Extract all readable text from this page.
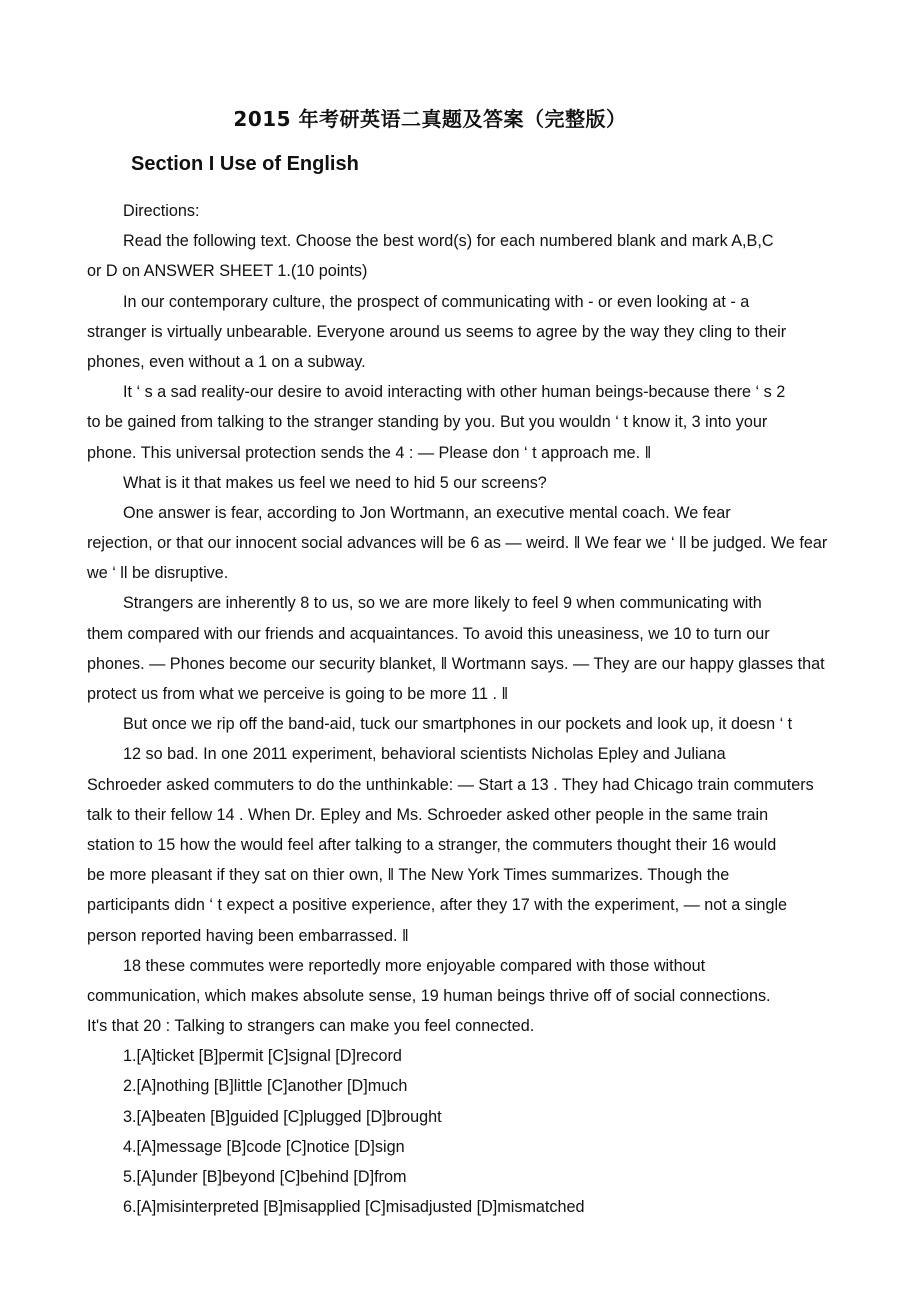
2015 年考研英语二真题及答案（完整版）
Section I Use of English
Directions:
Read the following text. Choose the best word(s) for each numbered blank and mark A,B,C
or D on ANSWER SHEET 1.(10 points)
In our contemporary culture, the prospect of communicating with - or even looking at - a
stranger is virtually unbearable. Everyone around us seems to agree by the way they cling to their
phones, even without a 1 on a subway.
It ‘ s a sad reality-our desire to avoid interacting with other human beings-because there ‘ s 2
to be gained from talking to the stranger standing by you. But you wouldn ‘ t know it, 3 into your
phone. This universal protection sends the 4 : — Please don ‘ t approach me. ‖
What is it that makes us feel we need to hid 5 our screens?
One answer is fear, according to Jon Wortmann, an executive mental coach. We fear
rejection, or that our innocent social advances will be 6 as — weird. ‖ We fear we ‘ ll be judged. We fear
we ‘ ll be disruptive.
Strangers are inherently 8 to us, so we are more likely to feel 9 when communicating with
them compared with our friends and acquaintances. To avoid this uneasiness, we 10 to turn our
phones. — Phones become our security blanket, ‖ Wortmann says. — They are our happy glasses that
protect us from what we perceive is going to be more 11 . ‖
But once we rip off the band-aid, tuck our smartphones in our pockets and look up, it doesn ‘ t
12 so bad. In one 2011 experiment, behavioral scientists Nicholas Epley and Juliana
Schroeder asked commuters to do the unthinkable: — Start a 13 . They had Chicago train commuters
talk to their fellow 14 . When Dr. Epley and Ms. Schroeder asked other people in the same train
station to 15 how the would feel after talking to a stranger, the commuters thought their 16 would
be more pleasant if they sat on thier own, ‖ The New York Times summarizes. Though the
participants didn ‘ t expect a positive experience, after they 17 with the experiment, — not a single
person reported having been embarrassed. ‖
18 these commutes were reportedly more enjoyable compared with those without
communication, which makes absolute sense, 19 human beings thrive off of social connections.
It's that 20 : Talking to strangers can make you feel connected.
1.[A]ticket [B]permit [C]signal [D]record
2.[A]nothing [B]little [C]another [D]much
3.[A]beaten [B]guided [C]plugged [D]brought
4.[A]message [B]code [C]notice [D]sign
5.[A]under [B]beyond [C]behind [D]from
6.[A]misinterpreted [B]misapplied [C]misadjusted [D]mismatched
